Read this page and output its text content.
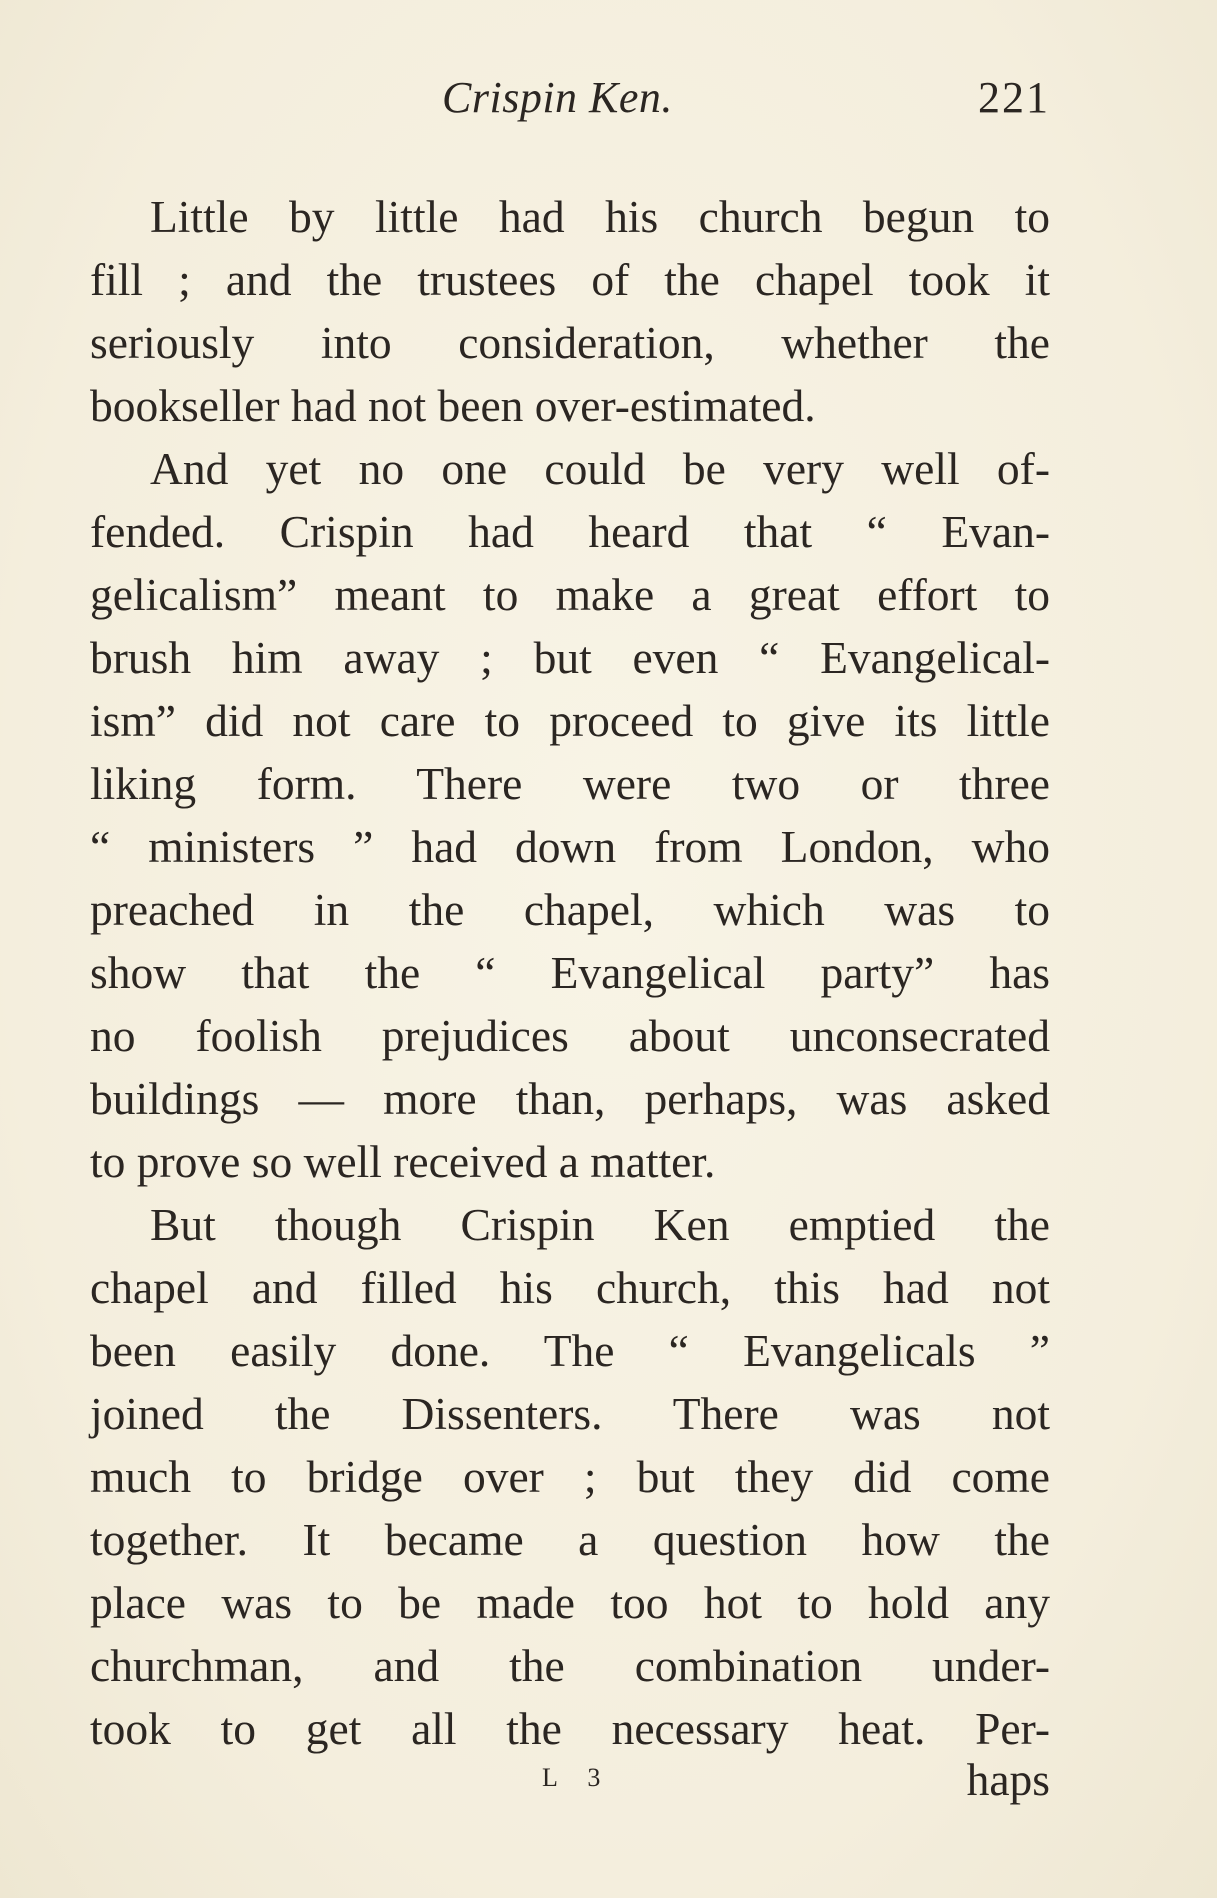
Crispin Ken.	221
Little by little had his church begun to
fill ; and the trustees of the chapel took it
seriously into consideration, whether the
bookseller had not been over-estimated.
And yet no one could be very well of-
fended. Crispin had heard that “ Evan-
gelicalism” meant to make a great effort to
brush him away ; but even “ Evangelical-
ism” did not care to proceed to give its little
liking form. There were two or three
“ ministers ” had down from London, who
preached in the chapel, which was to
show that the “ Evangelical party” has
no foolish prejudices about unconsecrated
buildings — more than, perhaps, was asked
to prove so well received a matter.
But though Crispin Ken emptied the
chapel and filled his church, this had not
been easily done. The “ Evangelicals ”
joined the Dissenters. There was not
much to bridge over ; but they did come
together. It became a question how the
place was to be made too hot to hold any
churchman, and the combination under-
took to get all the necessary heat. Per-
L 3	haps
